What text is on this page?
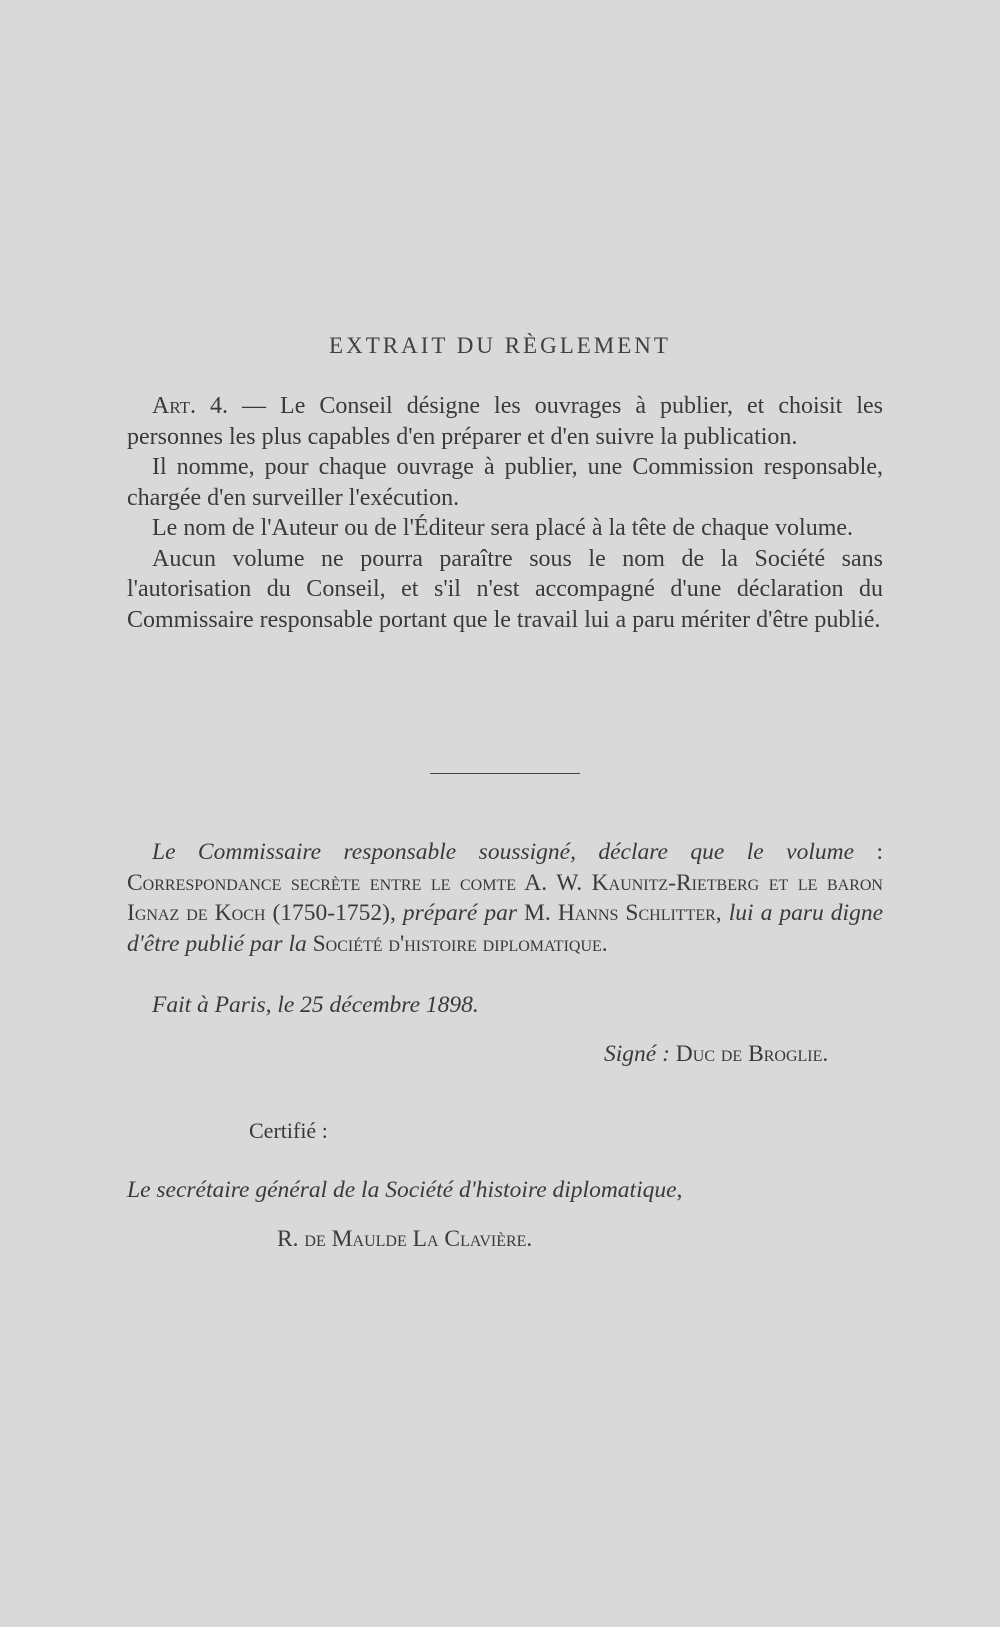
EXTRAIT DU RÈGLEMENT

Art. 4. — Le Conseil désigne les ouvrages à publier, et choisit les personnes les plus capables d'en préparer et d'en suivre la publication.

Il nomme, pour chaque ouvrage à publier, une Commission responsable, chargée d'en surveiller l'exécution.

Le nom de l'Auteur ou de l'Éditeur sera placé à la tête de chaque volume.

Aucun volume ne pourra paraître sous le nom de la Société sans l'autorisation du Conseil, et s'il n'est accompagné d'une déclaration du Commissaire responsable portant que le travail lui a paru mériter d'être publié.

Le Commissaire responsable soussigné, déclare que le volume : Correspondance secrète entre le comte A. W. Kaunitz-Rietberg et le baron Ignaz de Koch (1750-1752), préparé par M. Hanns Schlitter, lui a paru digne d'être publié par la Société d'histoire diplomatique.

Fait à Paris, le 25 décembre 1898.
Signé : Duc de Broglie.
Certifié :
Le secrétaire général de la Société d'histoire diplomatique,
R. de Maulde La Clavière.
